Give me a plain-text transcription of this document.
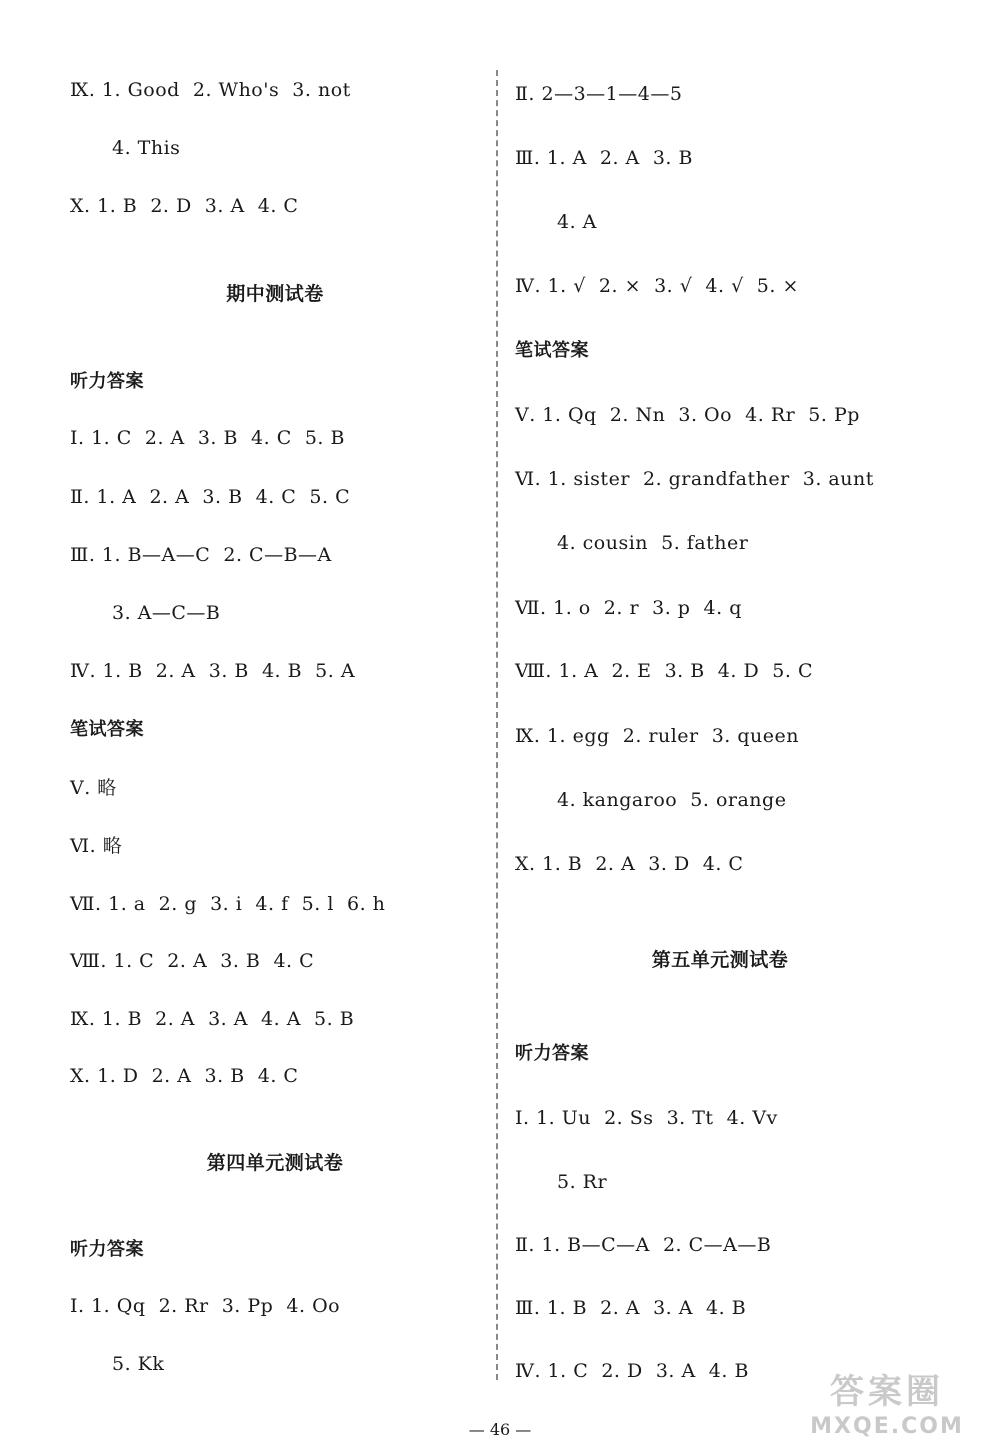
Ⅸ. 1. Good  2. Who's  3. not
4. This
Ⅹ. 1. B  2. D  3. A  4. C
期中测试卷
听力答案
Ⅰ. 1. C  2. A  3. B  4. C  5. B
Ⅱ. 1. A  2. A  3. B  4. C  5. C
Ⅲ. 1. B—A—C  2. C—B—A
3. A—C—B
Ⅳ. 1. B  2. A  3. B  4. B  5. A
笔试答案
Ⅴ. 略
Ⅵ. 略
Ⅶ. 1. a  2. g  3. i  4. f  5. l  6. h
Ⅷ. 1. C  2. A  3. B  4. C
Ⅸ. 1. B  2. A  3. A  4. A  5. B
Ⅹ. 1. D  2. A  3. B  4. C
第四单元测试卷
听力答案
Ⅰ. 1. Qq  2. Rr  3. Pp  4. Oo
5. Kk
Ⅱ. 2—3—1—4—5
Ⅲ. 1. A  2. A  3. B
4. A
Ⅳ. 1. √  2. ×  3. √  4. √  5. ×
笔试答案
Ⅴ. 1. Qq  2. Nn  3. Oo  4. Rr  5. Pp
Ⅵ. 1. sister  2. grandfather  3. aunt
4. cousin  5. father
Ⅶ. 1. o  2. r  3. p  4. q
Ⅷ. 1. A  2. E  3. B  4. D  5. C
Ⅸ. 1. egg  2. ruler  3. queen
4. kangaroo  5. orange
Ⅹ. 1. B  2. A  3. D  4. C
第五单元测试卷
听力答案
Ⅰ. 1. Uu  2. Ss  3. Tt  4. Vv
5. Rr
Ⅱ. 1. B—C—A  2. C—A—B
Ⅲ. 1. B  2. A  3. A  4. B
Ⅳ. 1. C  2. D  3. A  4. B
— 46 —
答案圈
MXQE.COM
